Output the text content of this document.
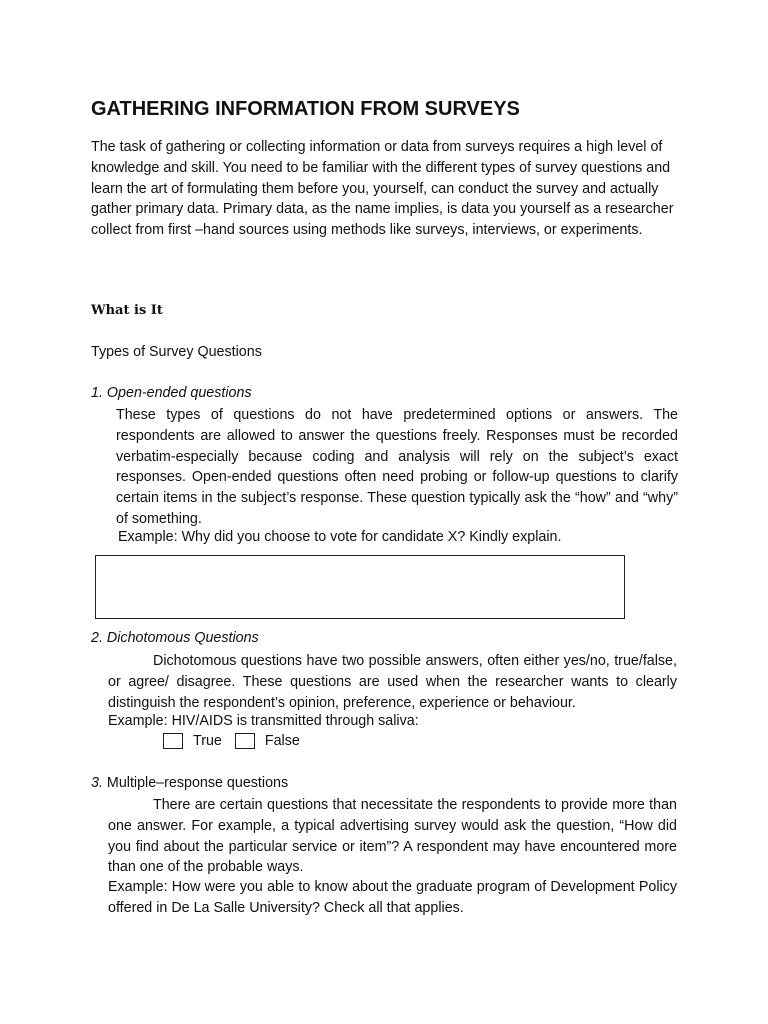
GATHERING INFORMATION FROM SURVEYS

The task of gathering or collecting information or data from surveys requires a high level of knowledge and skill. You need to be familiar with the different types of survey questions and learn the art of formulating them before you, yourself, can conduct the survey and actually gather primary data. Primary data, as the name implies, is data you yourself as a researcher collect from first –hand sources using methods like surveys, interviews, or experiments.

What is It

Types of Survey Questions

1. Open-ended questions

These types of questions do not have predetermined options or answers. The respondents are allowed to answer the questions freely. Responses must be recorded verbatim-especially because coding and analysis will rely on the subject’s exact responses. Open-ended questions often need probing or follow-up questions to clarify certain items in the subject’s response. These question typically ask the “how” and “why” of something.

Example: Why did you choose to vote for candidate X? Kindly explain.

2. Dichotomous Questions

Dichotomous questions have two possible answers, often either yes/no, true/false, or agree/ disagree. These questions are used when the researcher wants to clearly distinguish the respondent’s opinion, preference, experience or behaviour.

Example: HIV/AIDS is transmitted through saliva:

True	False

3. Multiple–response questions

There are certain questions that necessitate the respondents to provide more than one answer. For example, a typical advertising survey would ask the question, “How did you find about the particular service or item”? A respondent may have encountered more than one of the probable ways.

Example: How were you able to know about the graduate program of Development Policy offered in De La Salle University? Check all that applies.
